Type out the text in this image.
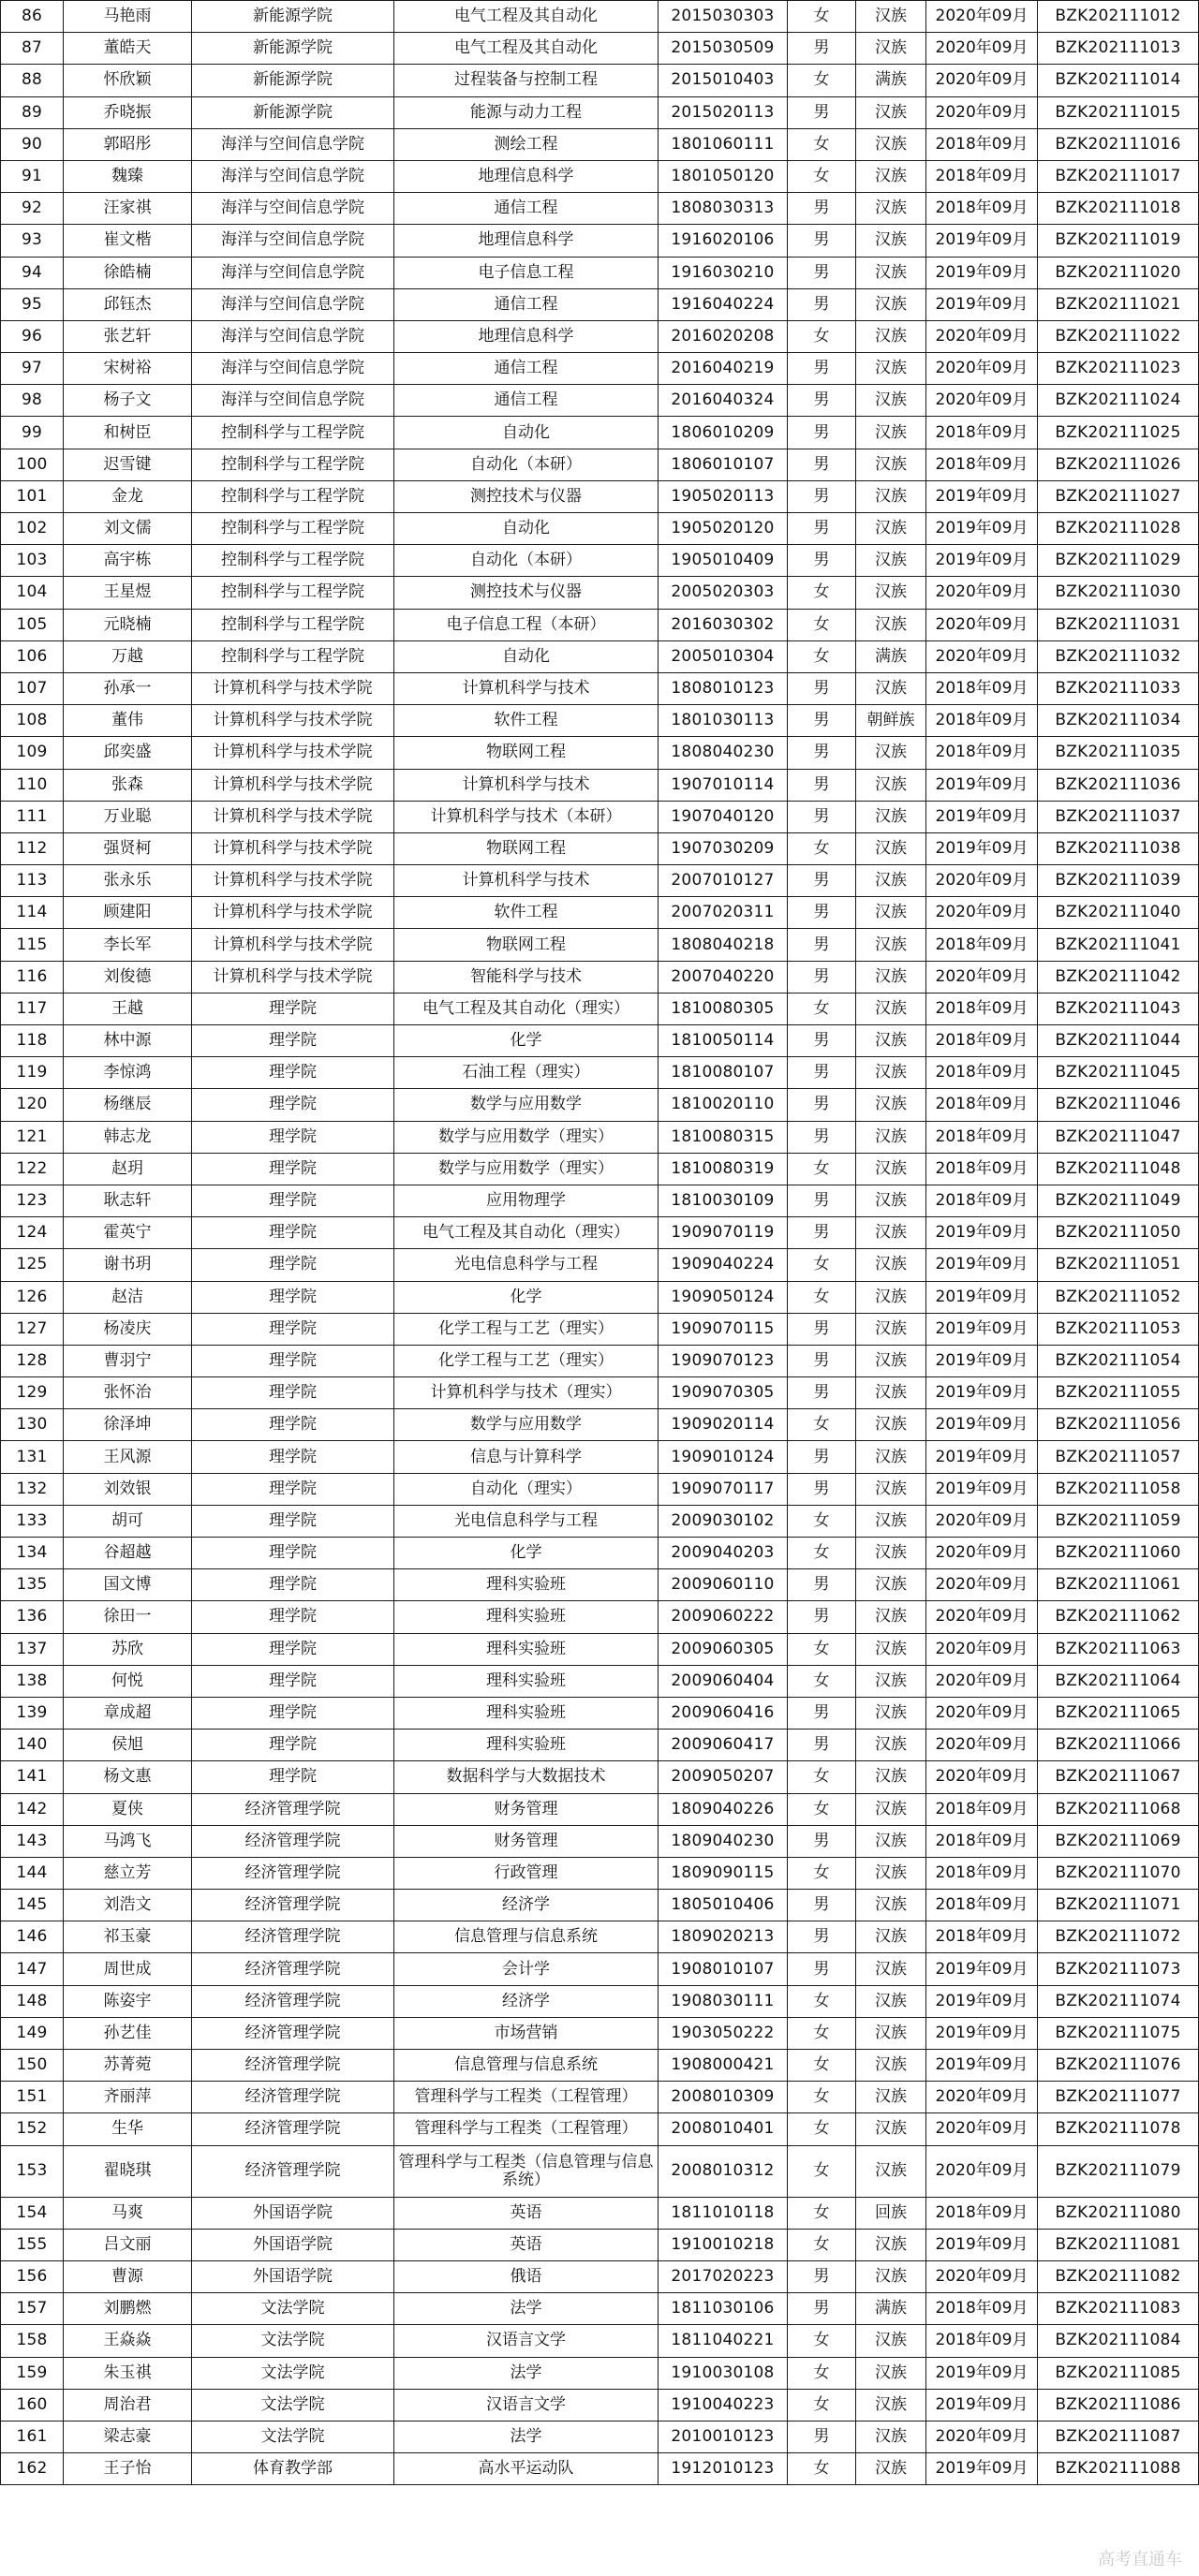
86	马艳雨	新能源学院	电气工程及其自动化	2015030303	女	汉族	2020年09月	BZK202111012
87	董皓天	新能源学院	电气工程及其自动化	2015030509	男	汉族	2020年09月	BZK202111013
88	怀欣颖	新能源学院	过程装备与控制工程	2015010403	女	满族	2020年09月	BZK202111014
89	乔晓振	新能源学院	能源与动力工程	2015020113	男	汉族	2020年09月	BZK202111015
90	郭昭彤	海洋与空间信息学院	测绘工程	1801060111	女	汉族	2018年09月	BZK202111016
91	魏臻	海洋与空间信息学院	地理信息科学	1801050120	女	汉族	2018年09月	BZK202111017
92	汪家祺	海洋与空间信息学院	通信工程	1808030313	男	汉族	2018年09月	BZK202111018
93	崔文楷	海洋与空间信息学院	地理信息科学	1916020106	男	汉族	2019年09月	BZK202111019
94	徐皓楠	海洋与空间信息学院	电子信息工程	1916030210	男	汉族	2019年09月	BZK202111020
95	邱钰杰	海洋与空间信息学院	通信工程	1916040224	男	汉族	2019年09月	BZK202111021
96	张艺轩	海洋与空间信息学院	地理信息科学	2016020208	女	汉族	2020年09月	BZK202111022
97	宋树裕	海洋与空间信息学院	通信工程	2016040219	男	汉族	2020年09月	BZK202111023
98	杨子文	海洋与空间信息学院	通信工程	2016040324	男	汉族	2020年09月	BZK202111024
99	和树臣	控制科学与工程学院	自动化	1806010209	男	汉族	2018年09月	BZK202111025
100	迟雪键	控制科学与工程学院	自动化（本研）	1806010107	男	汉族	2018年09月	BZK202111026
101	金龙	控制科学与工程学院	测控技术与仪器	1905020113	男	汉族	2019年09月	BZK202111027
102	刘文儒	控制科学与工程学院	自动化	1905020120	男	汉族	2019年09月	BZK202111028
103	高宇栋	控制科学与工程学院	自动化（本研）	1905010409	男	汉族	2019年09月	BZK202111029
104	王星煜	控制科学与工程学院	测控技术与仪器	2005020303	女	汉族	2020年09月	BZK202111030
105	元晓楠	控制科学与工程学院	电子信息工程（本研）	2016030302	女	汉族	2020年09月	BZK202111031
106	万越	控制科学与工程学院	自动化	2005010304	女	满族	2020年09月	BZK202111032
107	孙承一	计算机科学与技术学院	计算机科学与技术	1808010123	男	汉族	2018年09月	BZK202111033
108	董伟	计算机科学与技术学院	软件工程	1801030113	男	朝鲜族	2018年09月	BZK202111034
109	邱奕盛	计算机科学与技术学院	物联网工程	1808040230	男	汉族	2018年09月	BZK202111035
110	张森	计算机科学与技术学院	计算机科学与技术	1907010114	男	汉族	2019年09月	BZK202111036
111	万业聪	计算机科学与技术学院	计算机科学与技术（本研）	1907040120	男	汉族	2019年09月	BZK202111037
112	强贤柯	计算机科学与技术学院	物联网工程	1907030209	女	汉族	2019年09月	BZK202111038
113	张永乐	计算机科学与技术学院	计算机科学与技术	2007010127	男	汉族	2020年09月	BZK202111039
114	顾建阳	计算机科学与技术学院	软件工程	2007020311	男	汉族	2020年09月	BZK202111040
115	李长军	计算机科学与技术学院	物联网工程	1808040218	男	汉族	2018年09月	BZK202111041
116	刘俊德	计算机科学与技术学院	智能科学与技术	2007040220	男	汉族	2020年09月	BZK202111042
117	王越	理学院	电气工程及其自动化（理实）	1810080305	女	汉族	2018年09月	BZK202111043
118	林中源	理学院	化学	1810050114	男	汉族	2018年09月	BZK202111044
119	李惊鸿	理学院	石油工程（理实）	1810080107	男	汉族	2018年09月	BZK202111045
120	杨继辰	理学院	数学与应用数学	1810020110	男	汉族	2018年09月	BZK202111046
121	韩志龙	理学院	数学与应用数学（理实）	1810080315	男	汉族	2018年09月	BZK202111047
122	赵玥	理学院	数学与应用数学（理实）	1810080319	女	汉族	2018年09月	BZK202111048
123	耿志轩	理学院	应用物理学	1810030109	男	汉族	2018年09月	BZK202111049
124	霍英宁	理学院	电气工程及其自动化（理实）	1909070119	男	汉族	2019年09月	BZK202111050
125	谢书玥	理学院	光电信息科学与工程	1909040224	女	汉族	2019年09月	BZK202111051
126	赵洁	理学院	化学	1909050124	女	汉族	2019年09月	BZK202111052
127	杨凌庆	理学院	化学工程与工艺（理实）	1909070115	男	汉族	2019年09月	BZK202111053
128	曹羽宁	理学院	化学工程与工艺（理实）	1909070123	男	汉族	2019年09月	BZK202111054
129	张怀治	理学院	计算机科学与技术（理实）	1909070305	男	汉族	2019年09月	BZK202111055
130	徐泽坤	理学院	数学与应用数学	1909020114	女	汉族	2019年09月	BZK202111056
131	王风源	理学院	信息与计算科学	1909010124	男	汉族	2019年09月	BZK202111057
132	刘效银	理学院	自动化（理实）	1909070117	男	汉族	2019年09月	BZK202111058
133	胡可	理学院	光电信息科学与工程	2009030102	女	汉族	2020年09月	BZK202111059
134	谷超越	理学院	化学	2009040203	女	汉族	2020年09月	BZK202111060
135	国文博	理学院	理科实验班	2009060110	男	汉族	2020年09月	BZK202111061
136	徐田一	理学院	理科实验班	2009060222	男	汉族	2020年09月	BZK202111062
137	苏欣	理学院	理科实验班	2009060305	女	汉族	2020年09月	BZK202111063
138	何悦	理学院	理科实验班	2009060404	女	汉族	2020年09月	BZK202111064
139	章成超	理学院	理科实验班	2009060416	男	汉族	2020年09月	BZK202111065
140	侯旭	理学院	理科实验班	2009060417	男	汉族	2020年09月	BZK202111066
141	杨文惠	理学院	数据科学与大数据技术	2009050207	女	汉族	2020年09月	BZK202111067
142	夏侠	经济管理学院	财务管理	1809040226	女	汉族	2018年09月	BZK202111068
143	马鸿飞	经济管理学院	财务管理	1809040230	男	汉族	2018年09月	BZK202111069
144	慈立芳	经济管理学院	行政管理	1809090115	女	汉族	2018年09月	BZK202111070
145	刘浩文	经济管理学院	经济学	1805010406	男	汉族	2018年09月	BZK202111071
146	祁玉豪	经济管理学院	信息管理与信息系统	1809020213	男	汉族	2018年09月	BZK202111072
147	周世成	经济管理学院	会计学	1908010107	男	汉族	2019年09月	BZK202111073
148	陈姿宇	经济管理学院	经济学	1908030111	女	汉族	2019年09月	BZK202111074
149	孙艺佳	经济管理学院	市场营销	1903050222	女	汉族	2019年09月	BZK202111075
150	苏菁菀	经济管理学院	信息管理与信息系统	1908000421	女	汉族	2019年09月	BZK202111076
151	齐丽萍	经济管理学院	管理科学与工程类（工程管理）	2008010309	女	汉族	2020年09月	BZK202111077
152	生华	经济管理学院	管理科学与工程类（工程管理）	2008010401	女	汉族	2020年09月	BZK202111078
153	翟晓琪	经济管理学院	管理科学与工程类（信息管理与信息系统）	2008010312	女	汉族	2020年09月	BZK202111079
154	马爽	外国语学院	英语	1811010118	女	回族	2018年09月	BZK202111080
155	吕文丽	外国语学院	英语	1910010218	女	汉族	2019年09月	BZK202111081
156	曹源	外国语学院	俄语	2017020223	男	汉族	2020年09月	BZK202111082
157	刘鹏燃	文法学院	法学	1811030106	男	满族	2018年09月	BZK202111083
158	王焱焱	文法学院	汉语言文学	1811040221	女	汉族	2018年09月	BZK202111084
159	朱玉祺	文法学院	法学	1910030108	女	汉族	2019年09月	BZK202111085
160	周治君	文法学院	汉语言文学	1910040223	女	汉族	2019年09月	BZK202111086
161	梁志豪	文法学院	法学	2010010123	男	汉族	2020年09月	BZK202111087
162	王子怡	体育教学部	高水平运动队	1912010123	女	汉族	2019年09月	BZK202111088
高考直通车
